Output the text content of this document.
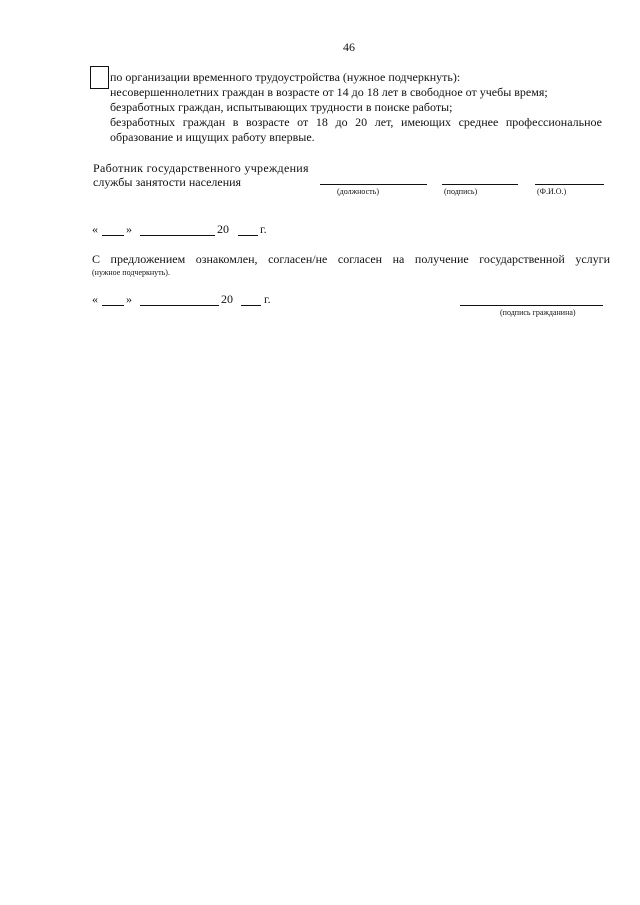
46
по организации временного трудоустройства (нужное подчеркнуть):
несовершеннолетних граждан в возрасте от 14 до 18 лет в свободное от учебы время;
безработных граждан, испытывающих трудности в поиске работы;
безработных граждан в возрасте от 18 до 20 лет, имеющих среднее профессиональное
образование и ищущих работу впервые.
Работник государственного учреждения
службы занятости населения
(должность)	(подпись)	(Ф.И.О.)
« »	20	г.
С предложением ознакомлен, согласен/не согласен на получение государственной услуги
(нужное подчеркнуть).
« »	20	г.
(подпись гражданина)
